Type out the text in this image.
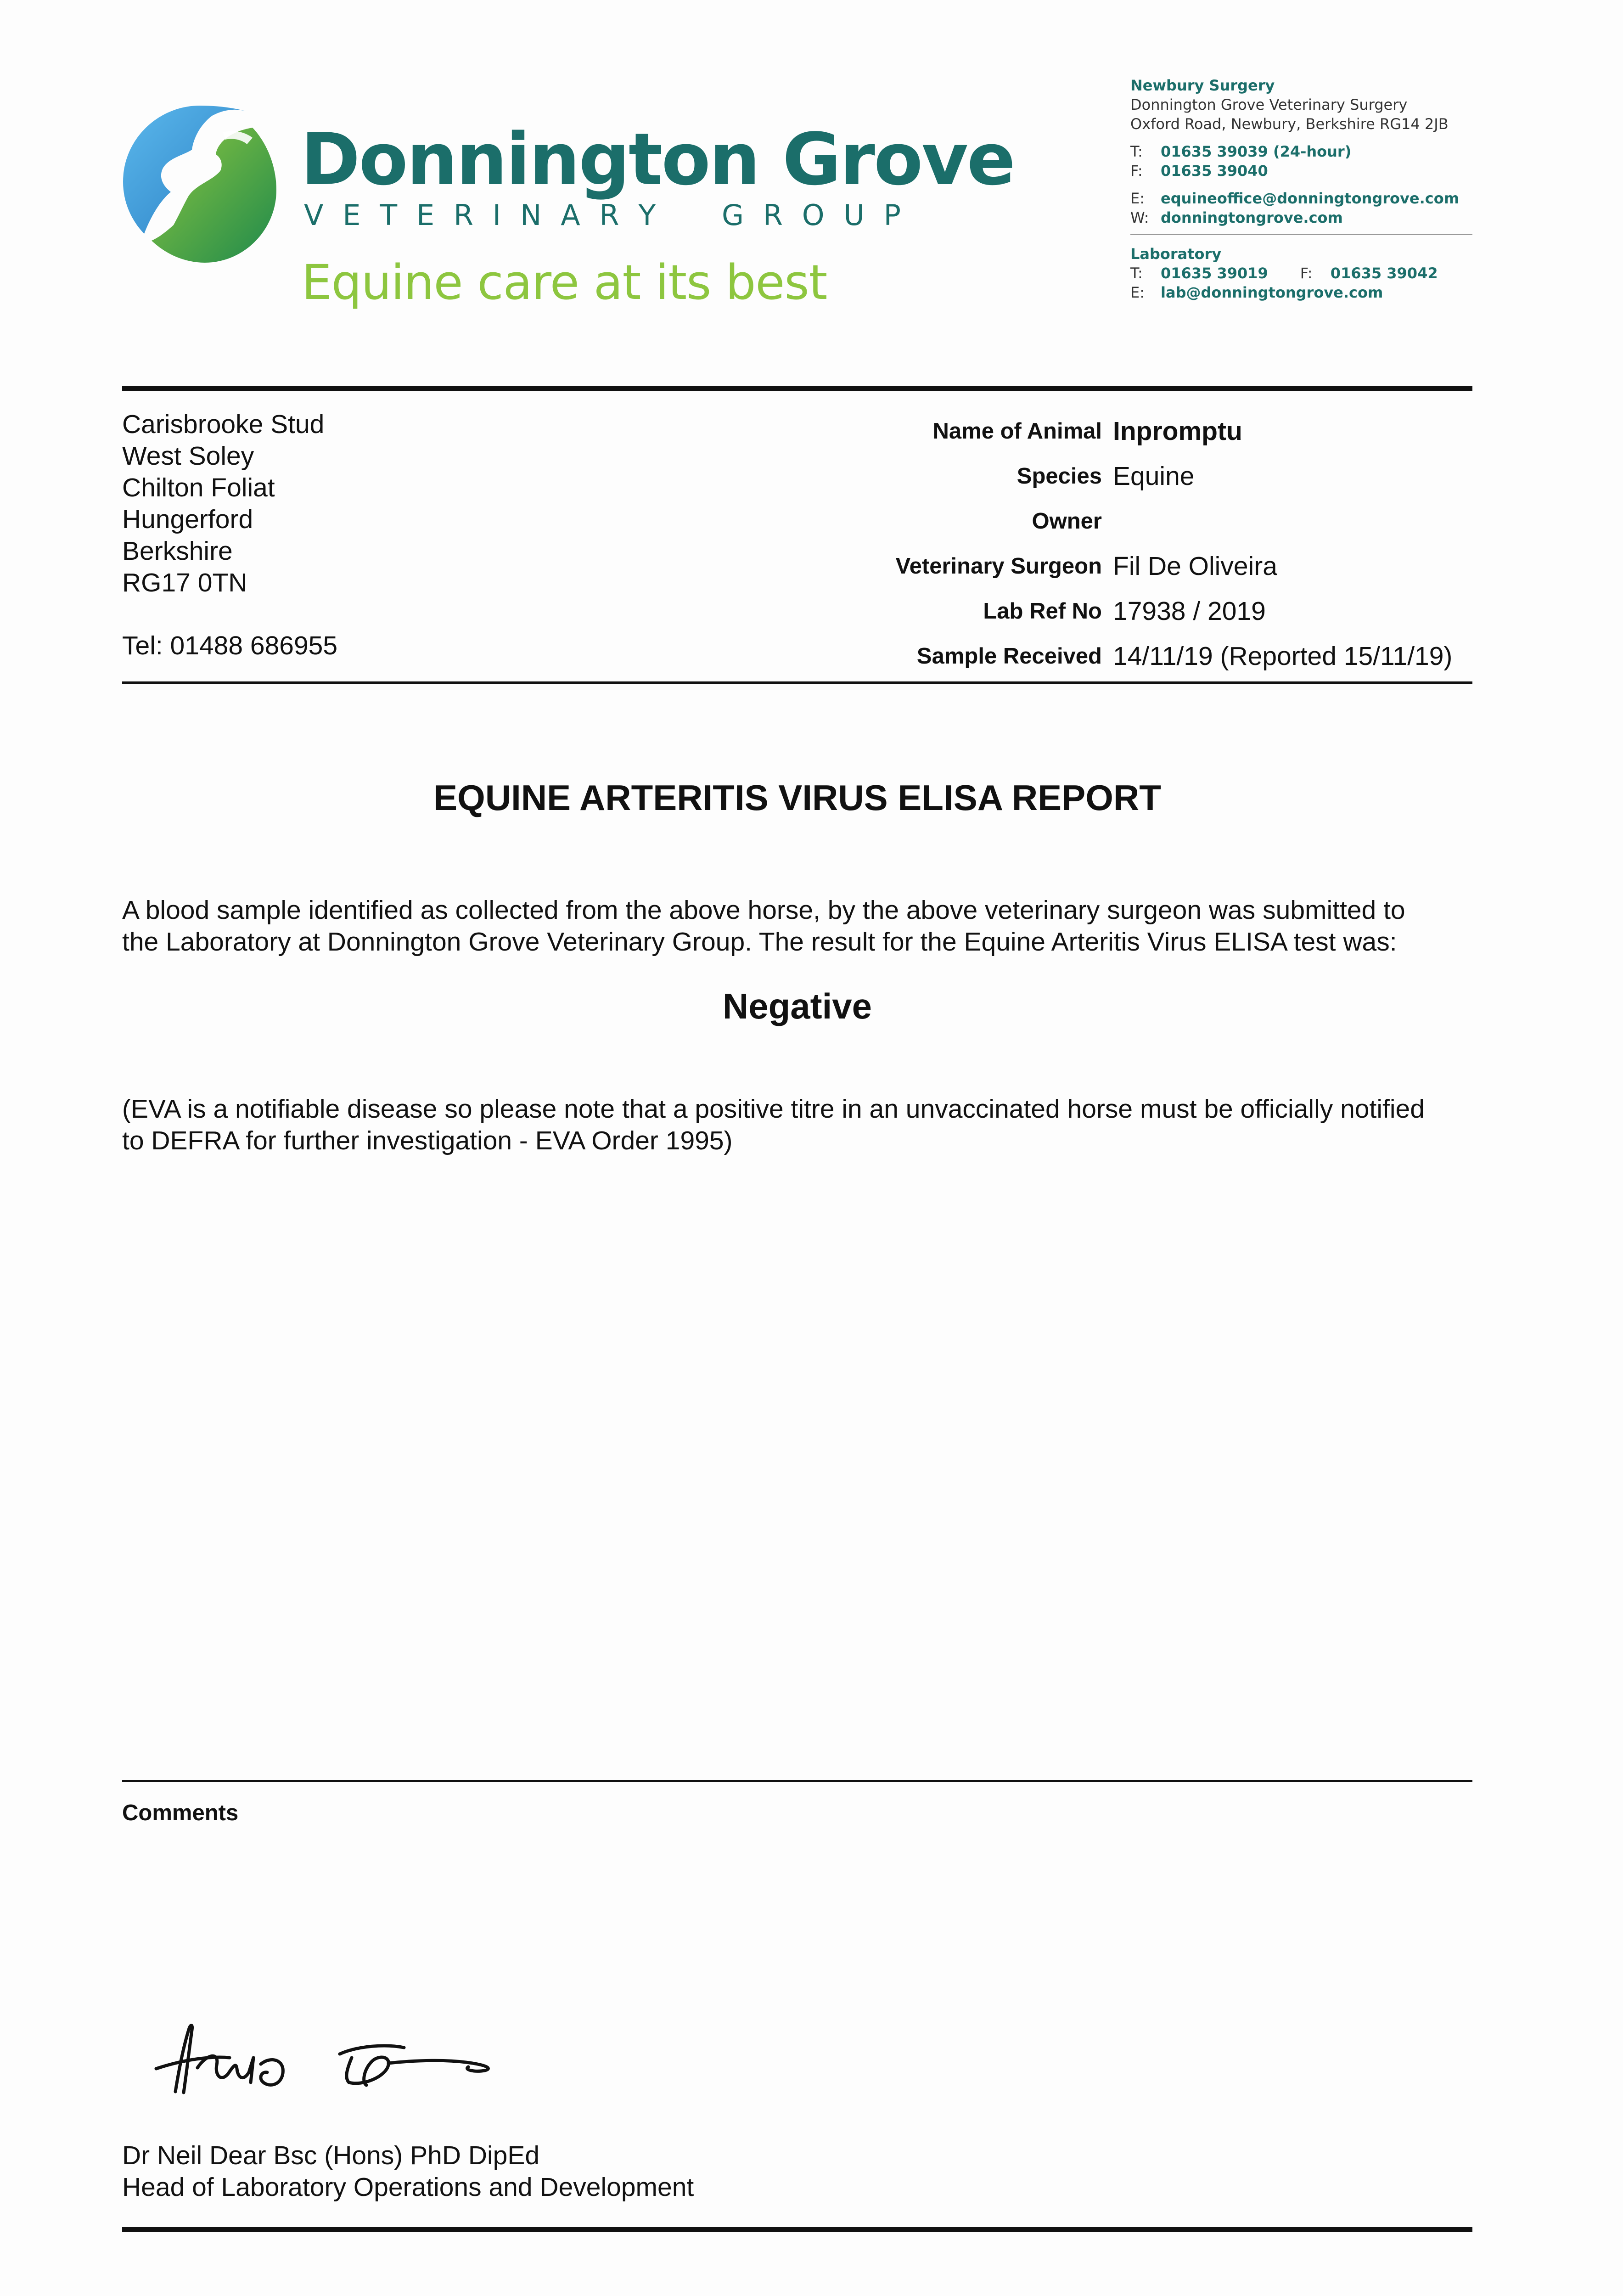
Donnington Grove
V E T E R I N A R Y G R O U P
Equine care at its best
Newbury Surgery
Donnington Grove Veterinary Surgery
Oxford Road, Newbury, Berkshire RG14 2JB
T:	01635 39039 (24-hour)
F:	01635 39040
E:	equineoffice@donningtongrove.com
W: donningtongrove.com
Laboratory
T:	01635 39019 F:	01635 39042
E:	lab@donningtongrove.com
Carisbrooke Stud
West Soley
Chilton Foliat
Hungerford
Berkshire
RG17 0TN
Tel: 01488 686955
Name of Animal Inpromptu
Species Equine
Owner
Veterinary Surgeon Fil De Oliveira
Lab Ref No 17938 / 2019
Sample Received 14/11/19 (Reported 15/11/19)
EQUINE ARTERITIS VIRUS ELISA REPORT

A blood sample identified as collected from the above horse, by the above veterinary surgeon was submitted to
the Laboratory at Donnington Grove Veterinary Group. The result for the Equine Arteritis Virus ELISA test was:

Negative

(EVA is a notifiable disease so please note that a positive titre in an unvaccinated horse must be officially notified
to DEFRA for further investigation - EVA Order 1995)

Comments
Dr Neil Dear Bsc (Hons) PhD DipEd
Head of Laboratory Operations and Development
